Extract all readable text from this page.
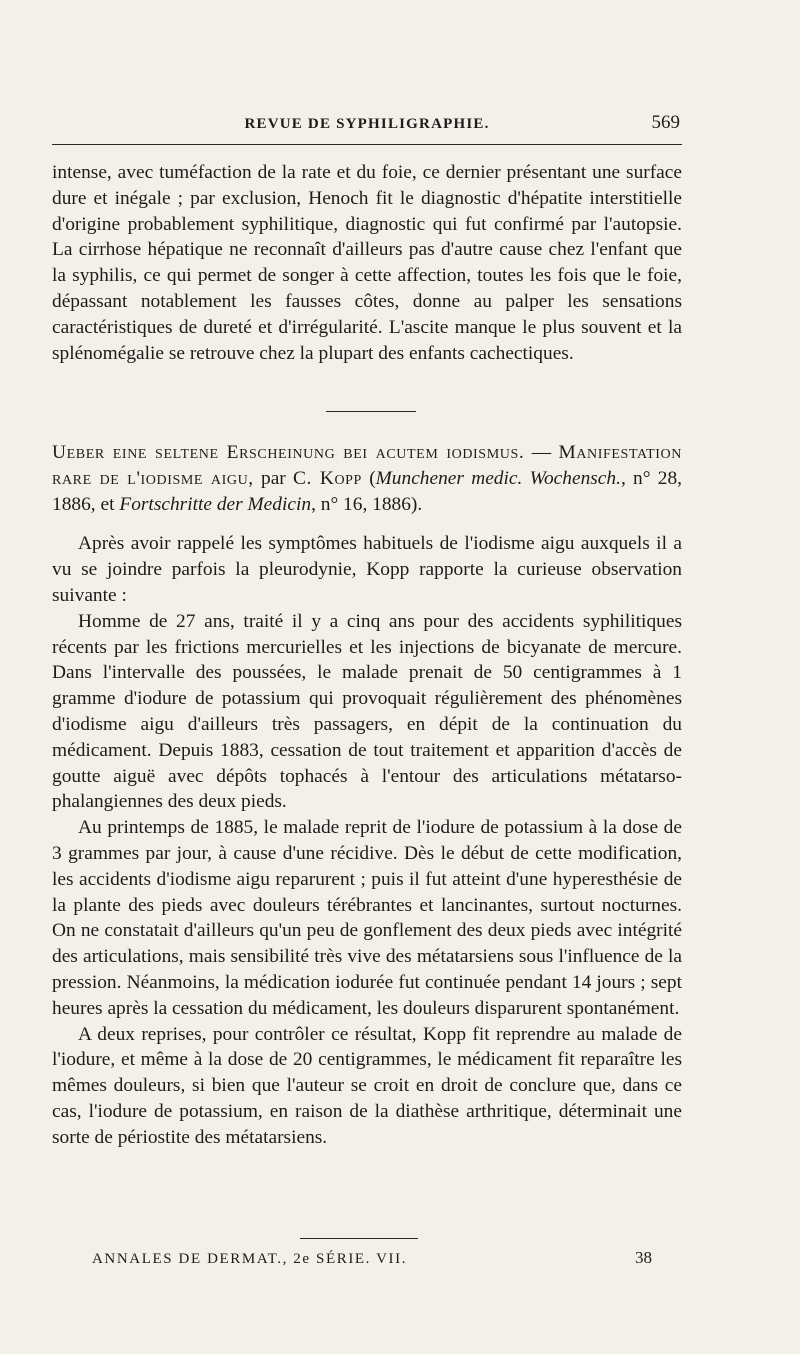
REVUE DE SYPHILIGRAPHIE.	569

intense, avec tuméfaction de la rate et du foie, ce dernier présentant une surface dure et inégale ; par exclusion, Henoch fit le diagnostic d'hépatite interstitielle d'origine probablement syphilitique, diagnostic qui fut confirmé par l'autopsie. La cirrhose hépatique ne reconnaît d'ailleurs pas d'autre cause chez l'enfant que la syphilis, ce qui permet de songer à cette affection, toutes les fois que le foie, dépassant notablement les fausses côtes, donne au palper les sensations caractéristiques de dureté et d'irrégularité. L'ascite manque le plus souvent et la splénomégalie se retrouve chez la plupart des enfants cachectiques.

Ueber eine seltene Erscheinung bei acutem iodismus. — Manifestation rare de l'iodisme aigu, par C. Kopp (Munchener medic. Wochensch., n° 28, 1886, et Fortschritte der Medicin, n° 16, 1886).

Après avoir rappelé les symptômes habituels de l'iodisme aigu auxquels il a vu se joindre parfois la pleurodynie, Kopp rapporte la curieuse observation suivante :

Homme de 27 ans, traité il y a cinq ans pour des accidents syphilitiques récents par les frictions mercurielles et les injections de bicyanate de mercure. Dans l'intervalle des poussées, le malade prenait de 50 centigrammes à 1 gramme d'iodure de potassium qui provoquait régulièrement des phénomènes d'iodisme aigu d'ailleurs très passagers, en dépit de la continuation du médicament. Depuis 1883, cessation de tout traitement et apparition d'accès de goutte aiguë avec dépôts tophacés à l'entour des articulations métatarso-phalangiennes des deux pieds.

Au printemps de 1885, le malade reprit de l'iodure de potassium à la dose de 3 grammes par jour, à cause d'une récidive. Dès le début de cette modification, les accidents d'iodisme aigu reparurent ; puis il fut atteint d'une hyperesthésie de la plante des pieds avec douleurs térébrantes et lancinantes, surtout nocturnes. On ne constatait d'ailleurs qu'un peu de gonflement des deux pieds avec intégrité des articulations, mais sensibilité très vive des métatarsiens sous l'influence de la pression. Néanmoins, la médication iodurée fut continuée pendant 14 jours ; sept heures après la cessation du médicament, les douleurs disparurent spontanément.

A deux reprises, pour contrôler ce résultat, Kopp fit reprendre au malade de l'iodure, et même à la dose de 20 centigrammes, le médicament fit reparaître les mêmes douleurs, si bien que l'auteur se croit en droit de conclure que, dans ce cas, l'iodure de potassium, en raison de la diathèse arthritique, déterminait une sorte de périostite des métatarsiens.

ANNALES DE DERMAT., 2e SÉRIE. VII.	38
